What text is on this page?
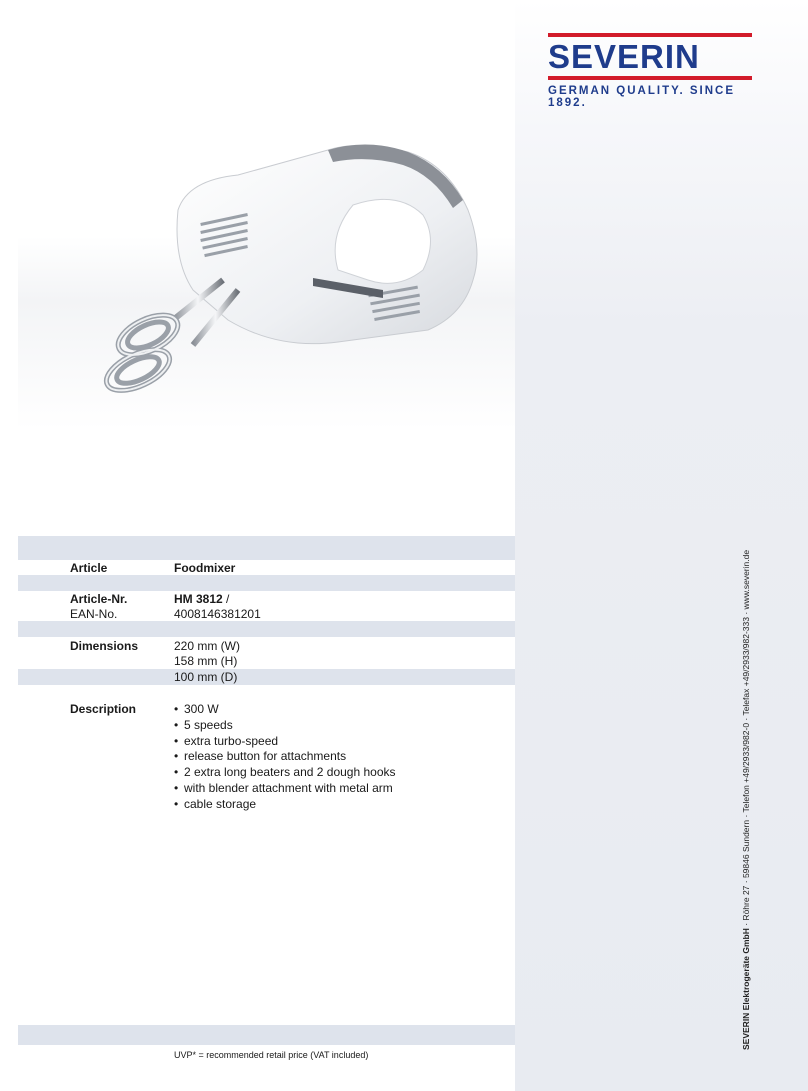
SEVERIN
GERMAN QUALITY. SINCE 1892.
Article	Foodmixer
Article-Nr.	HM 3812 /
EAN-No.	4008146381201
Dimensions	220 mm (W)
158 mm (H)
100 mm (D)
Description
•	300 W
• 5 speeds
• extra turbo-speed
• release button for attachments
• 2 extra long beaters and 2 dough hooks
• with blender attachment with metal arm
• cable storage
UVP* = recommended retail price (VAT included)
SEVERIN Elektrogeräte GmbH · Röhre 27 · 59846 Sundern · Telefon +49/2933/982-0 · Telefax +49/2933/982-333 · www.severin.de
